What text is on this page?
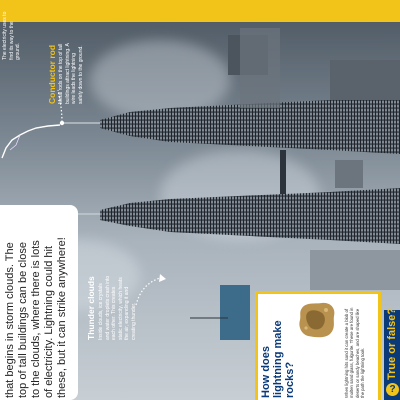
The electricity uses to find its way to the ground.	Conductor rod Metal rods on the top of tall buildings attract lightning. A wire leads the lightning safely down to the ground.
that begins in storm clouds. The top of tall buildings can be close to the clouds, where there is lots of electricity. Lightning could hit these, but it can strike anywhere! Thunder clouds Inside clouds, ice crystals and water droplets crash into each other. This creates static electricity, which heats the air, expanding it and creating thunder.
How does lightning make rocks?	When lightning hits sand it can create a blob of molten sand glass, fulgurite. These are found in deserts or sandy beaches, and are shaped like the path the lightning took. True or false?
?
